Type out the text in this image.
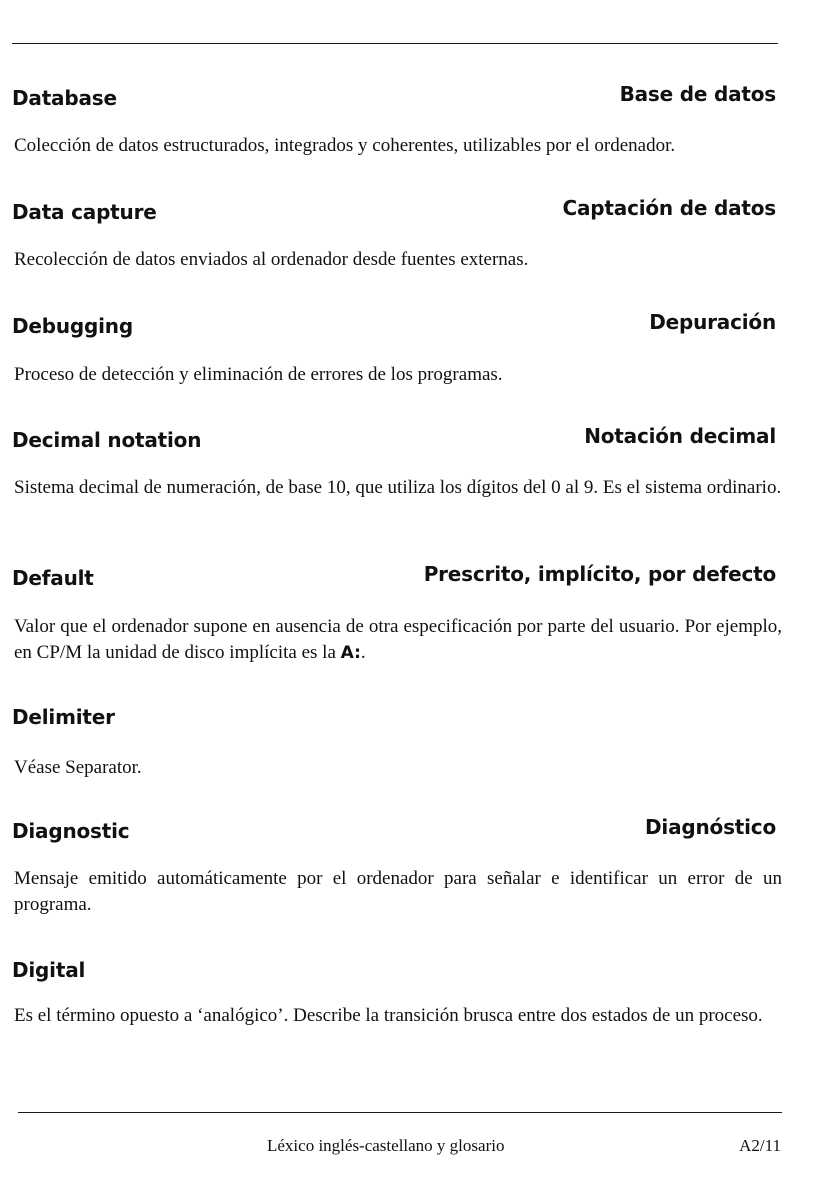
Database	Base de datos
Colección de datos estructurados, integrados y coherentes, utilizables por el ordenador.
Data capture	Captación de datos
Recolección de datos enviados al ordenador desde fuentes externas.
Debugging	Depuración
Proceso de detección y eliminación de errores de los programas.
Decimal notation	Notación decimal
Sistema decimal de numeración, de base 10, que utiliza los dígitos del 0 al 9. Es el sistema ordinario.
Default	Prescrito, implícito, por defecto
Valor que el ordenador supone en ausencia de otra especificación por parte del usuario. Por ejemplo, en CP/M la unidad de disco implícita es la A:.
Delimiter
Véase Separator.
Diagnostic	Diagnóstico
Mensaje emitido automáticamente por el ordenador para señalar e identificar un error de un programa.
Digital
Es el término opuesto a ‘analógico’. Describe la transición brusca entre dos estados de un proceso.
Léxico inglés-castellano y glosario	A2/11
